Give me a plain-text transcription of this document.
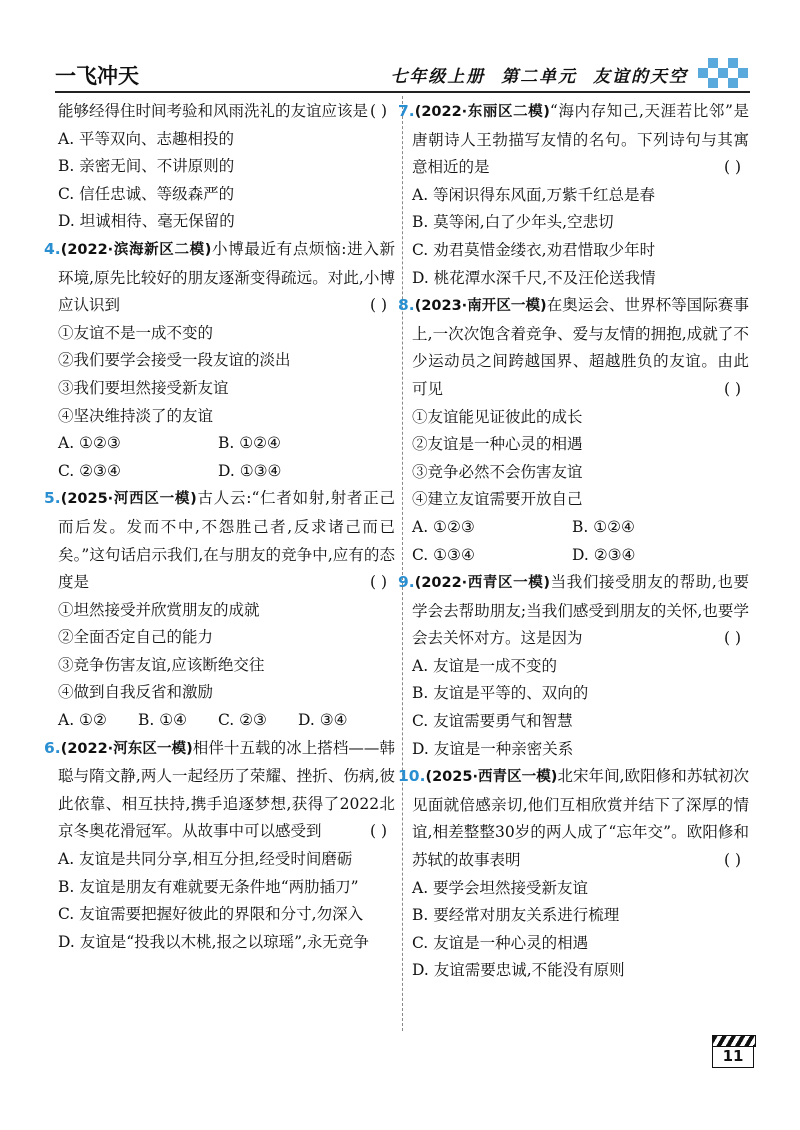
一飞冲天	七年级上册  第二单元  友谊的天空

能够经得住时间考验和风雨洗礼的友谊应该是 ( )

A. 平等双向、志趣相投的

B. 亲密无间、不讲原则的

C. 信任忠诚、等级森严的

D. 坦诚相待、毫无保留的

4.(2022·滨海新区二模)小博最近有点烦恼:进入新环境,原先比较好的朋友逐渐变得疏远。对此,小博应认识到	( )

①友谊不是一成不变的

②我们要学会接受一段友谊的淡出

③我们要坦然接受新友谊

④坚决维持淡了的友谊

A. ①②③	B. ①②④
C. ②③④	D. ①③④

5.(2025·河西区一模)古人云:“仁者如射,射者正己而后发。发而不中,不怨胜己者,反求诸己而已矣。”这句话启示我们,在与朋友的竞争中,应有的态度是	( )

①坦然接受并欣赏朋友的成就

②全面否定自己的能力

③竞争伤害友谊,应该断绝交往

④做到自我反省和激励

A. ①②	B. ①④	C. ②③	D. ③④

6.(2022·河东区一模)相伴十五载的冰上搭档——韩聪与隋文静,两人一起经历了荣耀、挫折、伤病,彼此依靠、相互扶持,携手追逐梦想,获得了2022北京冬奥花滑冠军。从故事中可以感受到	( )

A. 友谊是共同分享,相互分担,经受时间磨砺

B. 友谊是朋友有难就要无条件地“两肋插刀”

C. 友谊需要把握好彼此的界限和分寸,勿深入

D. 友谊是“投我以木桃,报之以琼瑶”,永无竞争

7.(2022·东丽区二模)“海内存知己,天涯若比邻”是唐朝诗人王勃描写友情的名句。下列诗句与其寓意相近的是	( )

A. 等闲识得东风面,万紫千红总是春

B. 莫等闲,白了少年头,空悲切

C. 劝君莫惜金缕衣,劝君惜取少年时

D. 桃花潭水深千尺,不及汪伦送我情

8.(2023·南开区一模)在奥运会、世界杯等国际赛事上,一次次饱含着竞争、爱与友情的拥抱,成就了不少运动员之间跨越国界、超越胜负的友谊。由此可见	( )

①友谊能见证彼此的成长

②友谊是一种心灵的相遇

③竞争必然不会伤害友谊

④建立友谊需要开放自己

A. ①②③	B. ①②④
C. ①③④	D. ②③④

9.(2022·西青区一模)当我们接受朋友的帮助,也要学会去帮助朋友;当我们感受到朋友的关怀,也要学会去关怀对方。这是因为	( )

A. 友谊是一成不变的

B. 友谊是平等的、双向的

C. 友谊需要勇气和智慧

D. 友谊是一种亲密关系

10.(2025·西青区一模)北宋年间,欧阳修和苏轼初次见面就倍感亲切,他们互相欣赏并结下了深厚的情谊,相差整整30岁的两人成了“忘年交”。欧阳修和苏轼的故事表明	( )

A. 要学会坦然接受新友谊

B. 要经常对朋友关系进行梳理

C. 友谊是一种心灵的相遇

D. 友谊需要忠诚,不能没有原则

11
